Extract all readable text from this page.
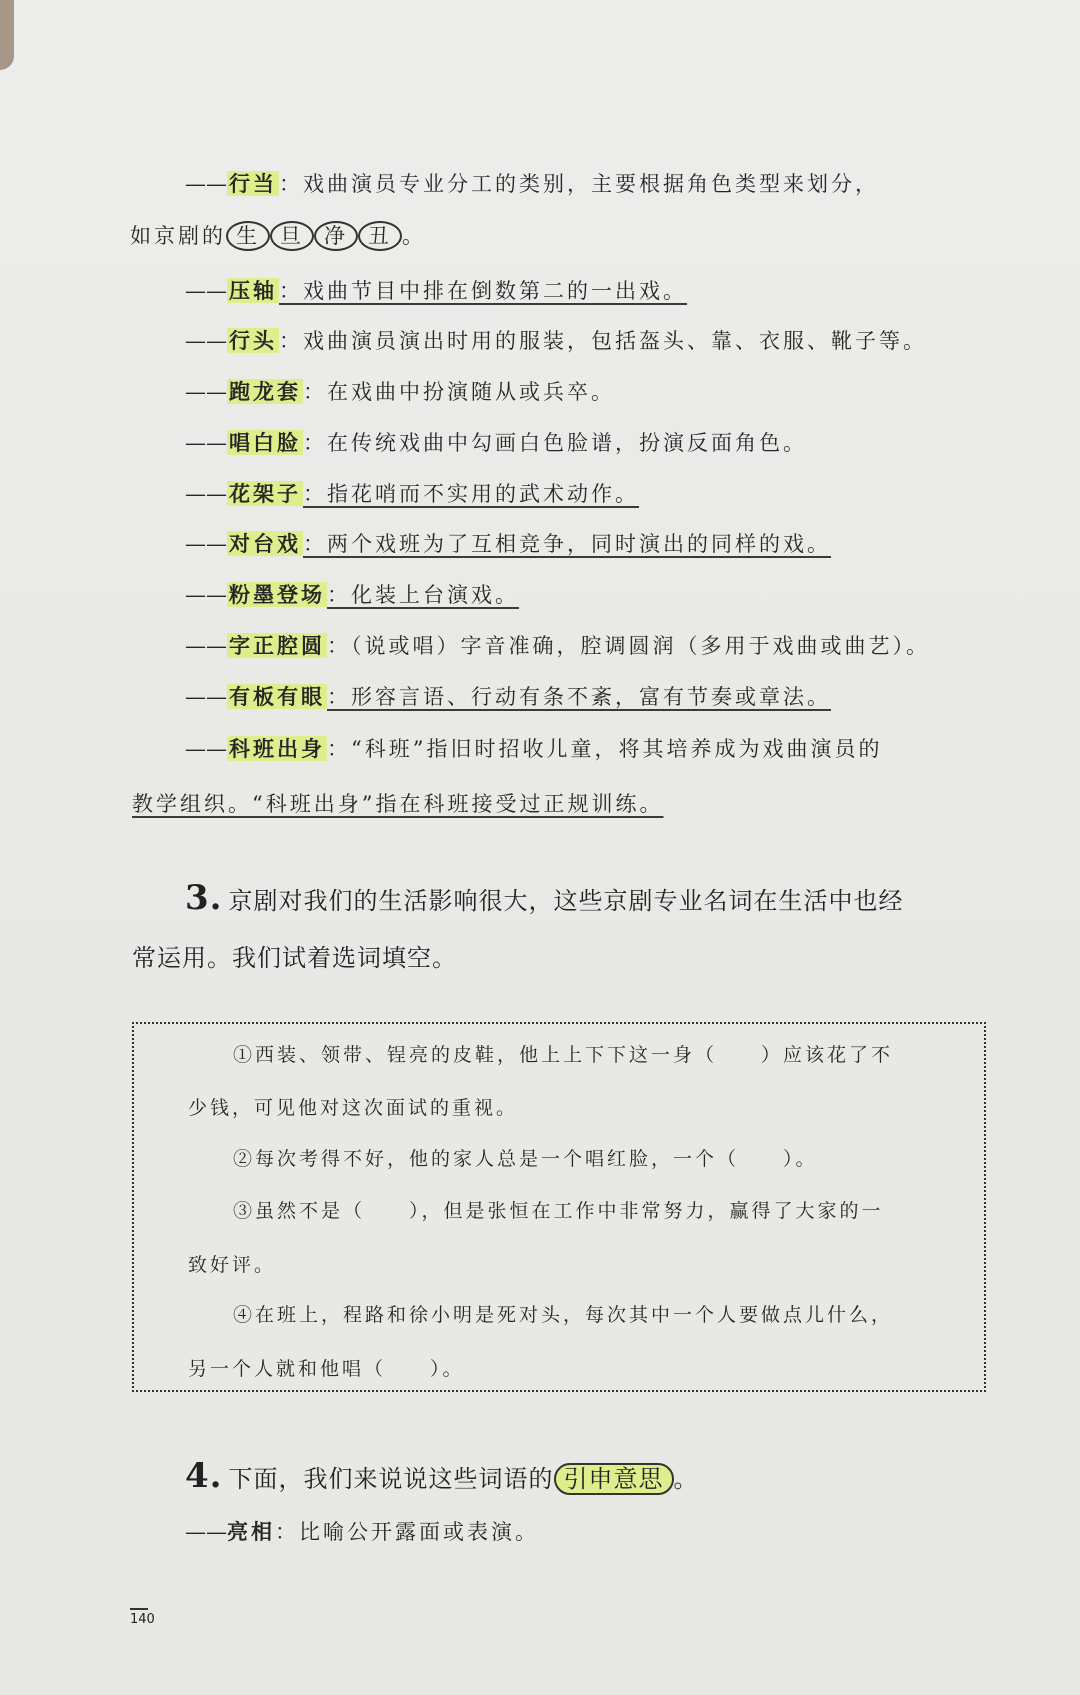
——行当：戏曲演员专业分工的类别，主要根据角色类型来划分，
如京剧的 生 旦 净 丑 。
——压轴：戏曲节目中排在倒数第二的一出戏。
——行头：戏曲演员演出时用的服装，包括盔头、靠、衣服、靴子等。
——跑龙套：在戏曲中扮演随从或兵卒。
——唱白脸：在传统戏曲中勾画白色脸谱，扮演反面角色。
——花架子：指花哨而不实用的武术动作。
——对台戏：两个戏班为了互相竞争，同时演出的同样的戏。
——粉墨登场：化装上台演戏。
——字正腔圆：（说或唱）字音准确，腔调圆润（多用于戏曲或曲艺）。
——有板有眼：形容言语、行动有条不紊，富有节奏或章法。
——科班出身：“科班”指旧时招收儿童，将其培养成为戏曲演员的
教学组织。“科班出身”指在科班接受过正规训练。
3. 京剧对我们的生活影响很大，这些京剧专业名词在生活中也经
常运用。我们试着选词填空。
①西装、领带、锃亮的皮鞋，他上上下下这一身（　　）应该花了不
少钱，可见他对这次面试的重视。
②每次考得不好，他的家人总是一个唱红脸，一个（　　）。
③虽然不是（　　），但是张恒在工作中非常努力，赢得了大家的一
致好评。
④在班上，程路和徐小明是死对头，每次其中一个人要做点儿什么，
另一个人就和他唱（　　）。
4. 下面，我们来说说这些词语的 引申意思 。
——亮相：比喻公开露面或表演。
140
